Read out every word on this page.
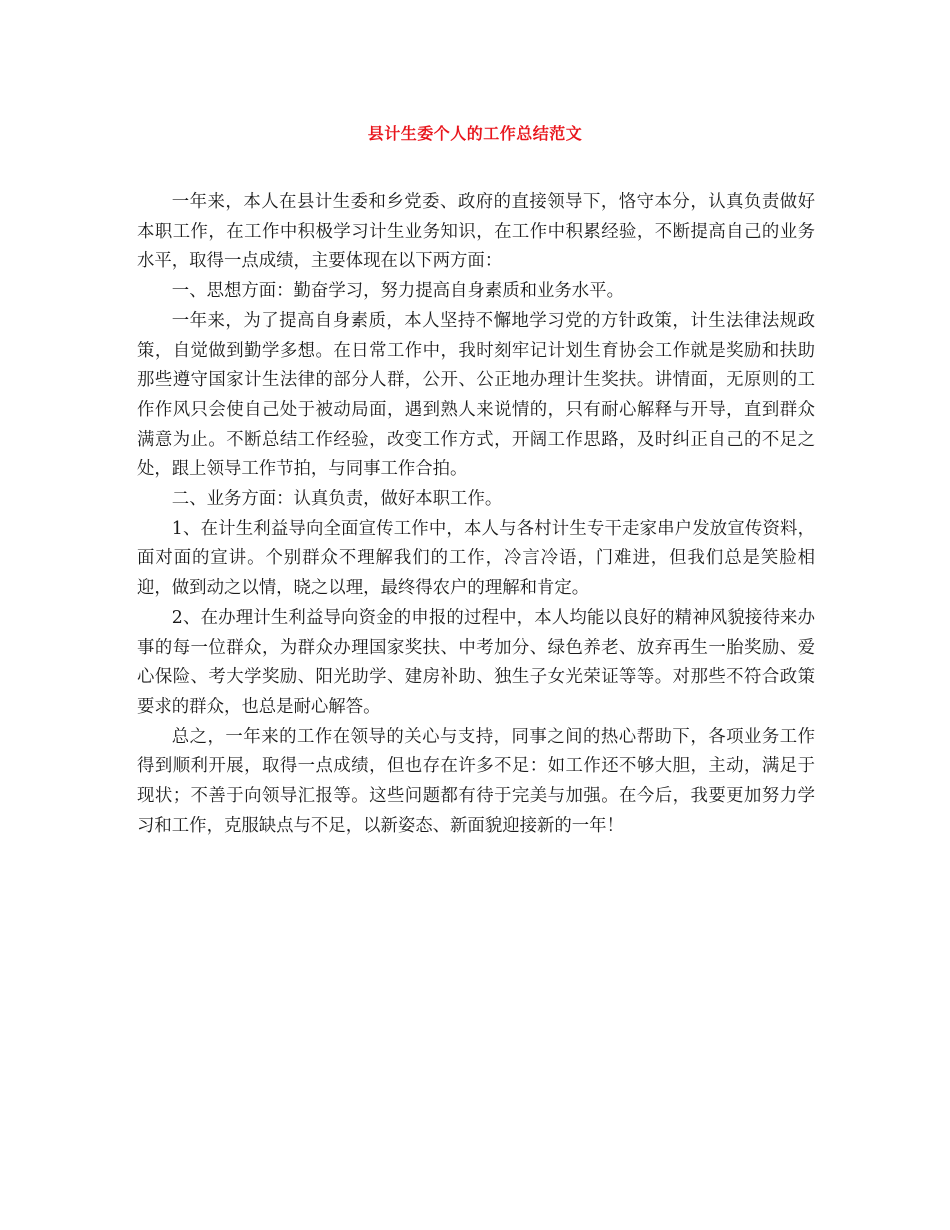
县计生委个人的工作总结范文

一年来，本人在县计生委和乡党委、政府的直接领导下，恪守本分，认真负责做好本职工作，在工作中积极学习计生业务知识，在工作中积累经验，不断提高自己的业务水平，取得一点成绩，主要体现在以下两方面：

一、思想方面：勤奋学习，努力提高自身素质和业务水平。

一年来，为了提高自身素质，本人坚持不懈地学习党的方针政策，计生法律法规政策，自觉做到勤学多想。在日常工作中，我时刻牢记计划生育协会工作就是奖励和扶助那些遵守国家计生法律的部分人群，公开、公正地办理计生奖扶。讲情面，无原则的工作作风只会使自己处于被动局面，遇到熟人来说情的，只有耐心解释与开导，直到群众满意为止。不断总结工作经验，改变工作方式，开阔工作思路，及时纠正自己的不足之处，跟上领导工作节拍，与同事工作合拍。

二、业务方面：认真负责，做好本职工作。

1、在计生利益导向全面宣传工作中，本人与各村计生专干走家串户发放宣传资料，面对面的宣讲。个别群众不理解我们的工作，冷言冷语，门难进，但我们总是笑脸相迎，做到动之以情，晓之以理，最终得农户的理解和肯定。

2、在办理计生利益导向资金的申报的过程中，本人均能以良好的精神风貌接待来办事的每一位群众，为群众办理国家奖扶、中考加分、绿色养老、放弃再生一胎奖励、爱心保险、考大学奖励、阳光助学、建房补助、独生子女光荣证等等。对那些不符合政策要求的群众，也总是耐心解答。

总之，一年来的工作在领导的关心与支持，同事之间的热心帮助下，各项业务工作得到顺利开展，取得一点成绩，但也存在许多不足：如工作还不够大胆，主动，满足于现状；不善于向领导汇报等。这些问题都有待于完美与加强。在今后，我要更加努力学习和工作，克服缺点与不足，以新姿态、新面貌迎接新的一年！
